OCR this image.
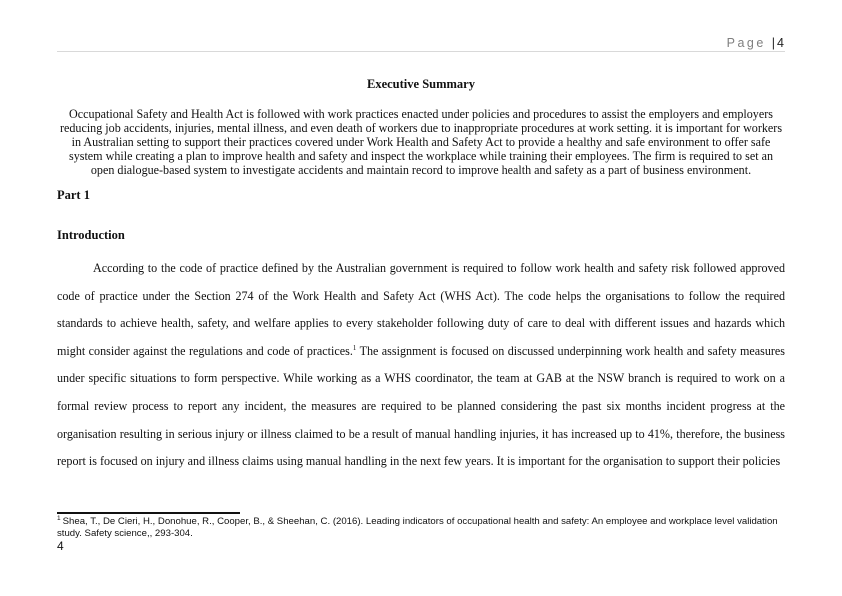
Page | 4
Executive Summary
Occupational Safety and Health Act is followed with work practices enacted under policies and procedures to assist the employers and employers reducing job accidents, injuries, mental illness, and even death of workers due to inappropriate procedures at work setting. it is important for workers in Australian setting to support their practices covered under Work Health and Safety Act to provide a healthy and safe environment to offer safe system while creating a plan to improve health and safety and inspect the workplace while training their employees. The firm is required to set an open dialogue-based system to investigate accidents and maintain record to improve health and safety as a part of business environment.
Part 1
Introduction
According to the code of practice defined by the Australian government is required to follow work health and safety risk followed approved code of practice under the Section 274 of the Work Health and Safety Act (WHS Act). The code helps the organisations to follow the required standards to achieve health, safety, and welfare applies to every stakeholder following duty of care to deal with different issues and hazards which might consider against the regulations and code of practices.$^1$ The assignment is focused on discussed underpinning work health and safety measures under specific situations to form perspective. While working as a WHS coordinator, the team at GAB at the NSW branch is required to work on a formal review process to report any incident, the measures are required to be planned considering the past six months incident progress at the organisation resulting in serious injury or illness claimed to be a result of manual handling injuries, it has increased up to 41%, therefore, the business report is focused on injury and illness claims using manual handling in the next few years. It is important for the organisation to support their policies
$^1$ Shea, T., De Cieri, H., Donohue, R., Cooper, B., & Sheehan, C. (2016). Leading indicators of occupational health and safety: An employee and workplace level validation study. Safety science,, 293-304.
4
